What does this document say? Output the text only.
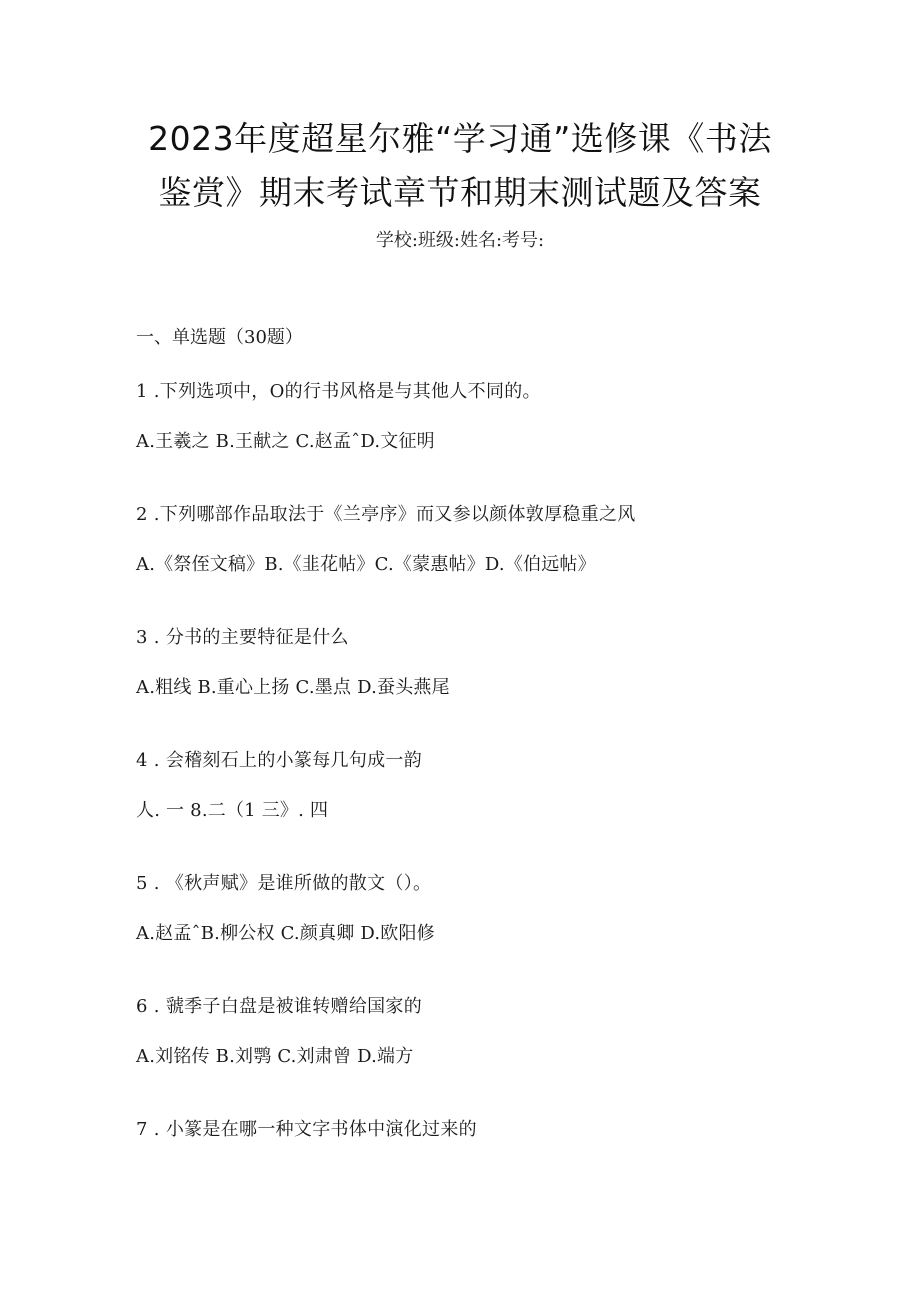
2023年度超星尔雅“学习通”选修课《书法
鉴赏》期末考试章节和期末测试题及答案
学校:班级:姓名:考号:
一、单选题（30题）
1 .下列选项中，O的行书风格是与其他人不同的。
A.王羲之 B.王献之 C.赵孟ˆD.文征明
2 .下列哪部作品取法于《兰亭序》而又参以颜体敦厚稳重之风
A.《祭侄文稿》B.《韭花帖》C.《蒙惠帖》D.《伯远帖》
3 . 分书的主要特征是什么
A.粗线 B.重心上扬 C.墨点 D.蚕头燕尾
4 . 会稽刻石上的小篆每几句成一韵
人. 一 8.二（1 三》. 四
5 . 《秋声赋》是谁所做的散文（）。
A.赵孟ˆB.柳公权 C.颜真卿 D.欧阳修
6 . 虢季子白盘是被谁转赠给国家的
A.刘铭传 B.刘鹗 C.刘肃曾 D.端方
7 . 小篆是在哪一种文字书体中演化过来的
